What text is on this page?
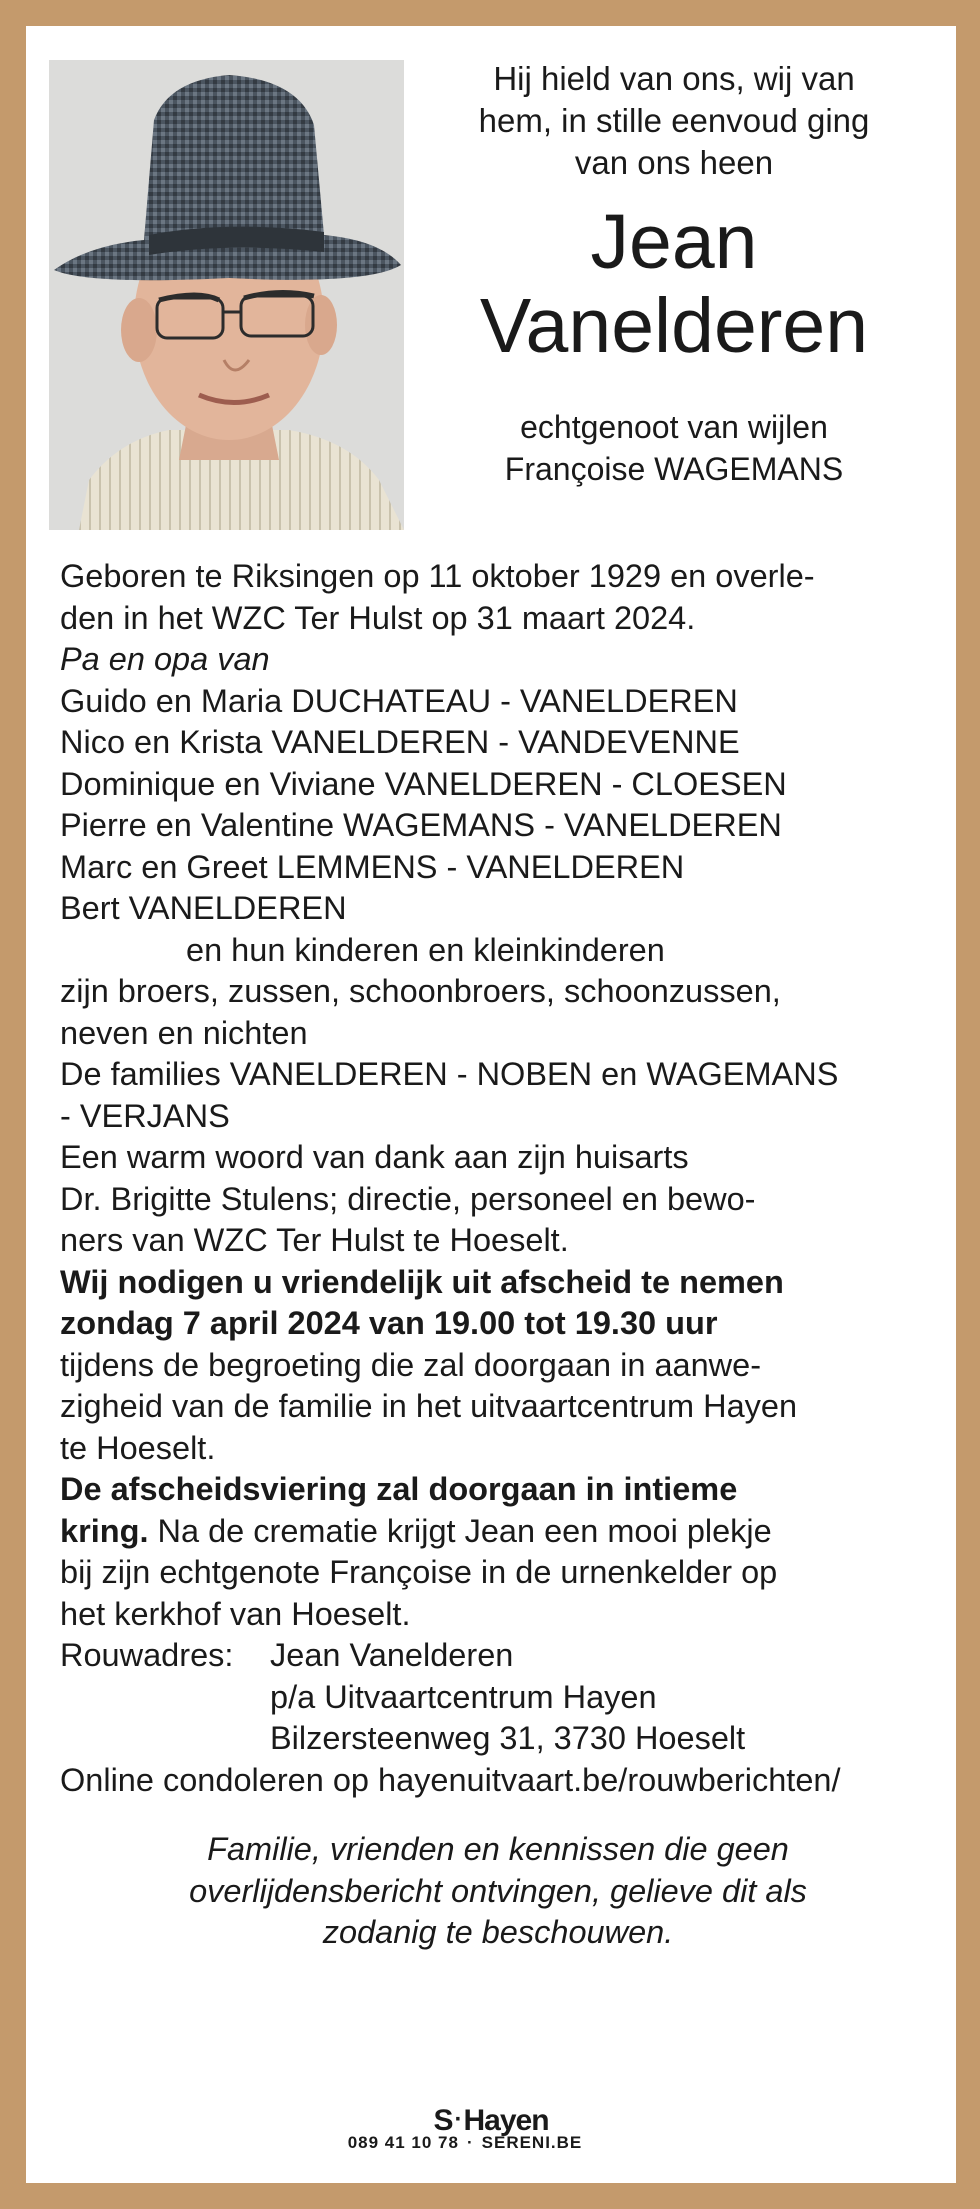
Hij hield van ons, wij van
hem, in stille eenvoud ging
van ons heen
Jean
Vanelderen
echtgenoot van wijlen
Françoise WAGEMANS

Geboren te Riksingen op 11 oktober 1929 en overle-
den in het WZC Ter Hulst op 31 maart 2024.

Pa en opa van
Guido en Maria DUCHATEAU - VANELDEREN
Nico en Krista VANELDEREN - VANDEVENNE
Dominique en Viviane VANELDEREN - CLOESEN
Pierre en Valentine WAGEMANS - VANELDEREN
Marc en Greet LEMMENS - VANELDEREN
Bert VANELDEREN
en hun kinderen en kleinkinderen
zijn broers, zussen, schoonbroers, schoonzussen,
neven en nichten

De families VANELDEREN - NOBEN en WAGEMANS
- VERJANS

Een warm woord van dank aan zijn huisarts
Dr. Brigitte Stulens; directie, personeel en bewo-
ners van WZC Ter Hulst te Hoeselt.

Wij nodigen u vriendelijk uit afscheid te nemen

zondag 7 april 2024 van 19.00 tot 19.30 uur
tijdens de begroeting die zal doorgaan in aanwe-
zigheid van de familie in het uitvaartcentrum Hayen
te Hoeselt.

De afscheidsviering zal doorgaan in intieme
kring. Na de crematie krijgt Jean een mooi plekje
bij zijn echtgenote Françoise in de urnenkelder op
het kerkhof van Hoeselt.

Rouwadres:	Jean Vanelderen
p/a Uitvaartcentrum Hayen
Bilzersteenweg 31, 3730 Hoeselt

Online condoleren op hayenuitvaart.be/rouwberichten/

Familie, vrienden en kennissen die geen
overlijdensbericht ontvingen, gelieve dit als
zodanig te beschouwen.
S·Hayen
089 41 10 78 · SERENI.BE
